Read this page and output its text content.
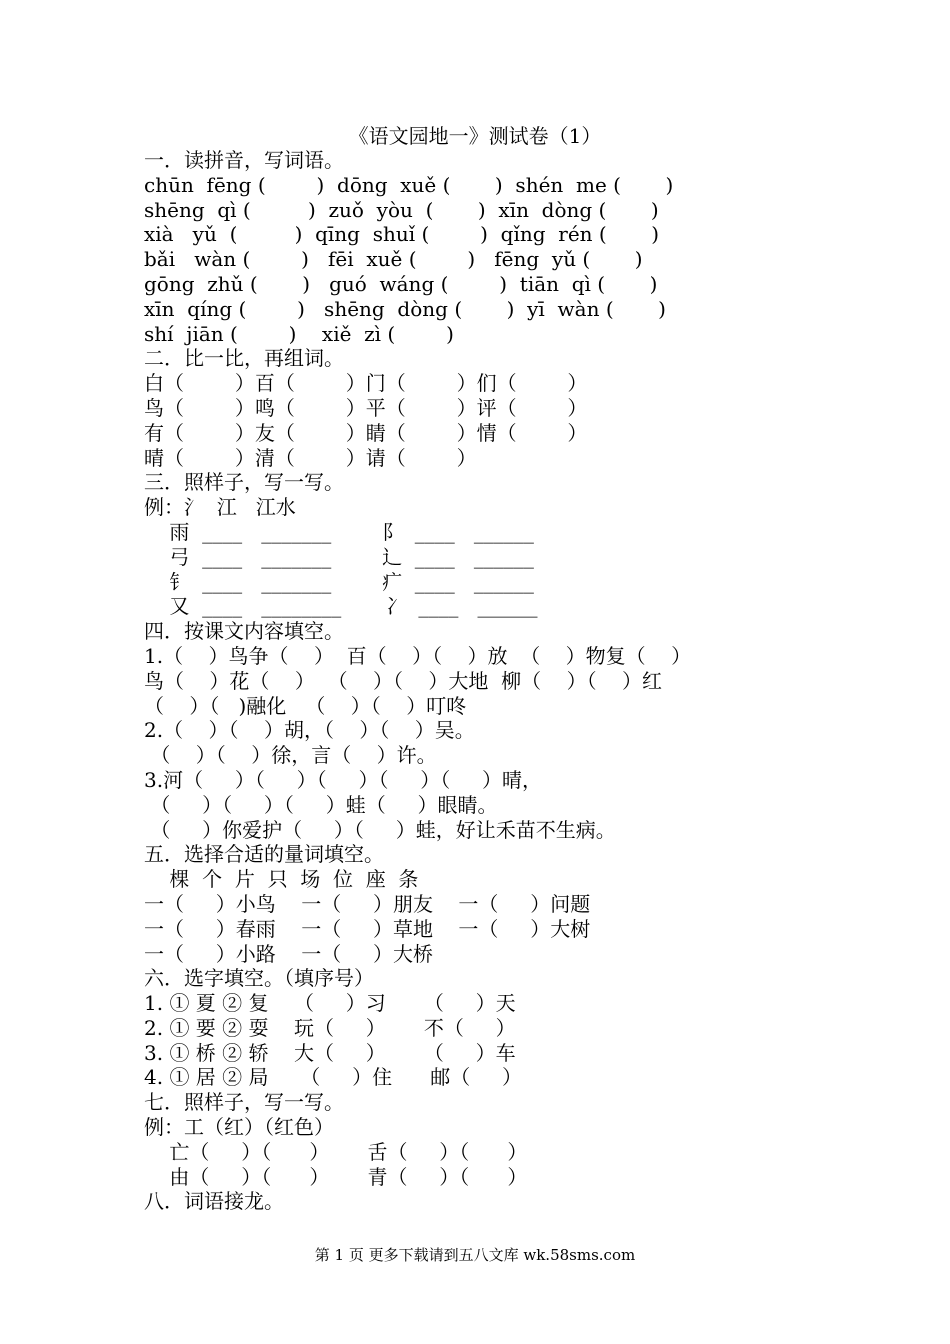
《语文园地一》测试卷（1）
一．读拼音，写词语。
chūn  fēng (        )  dōng  xuě (       )  shén  me (       )
shēng  qì (         )  zuǒ  yòu  (       )  xīn  dòng (       )
xià   yǔ  (         )  qīng  shuǐ (        )  qǐng  rén (       )
bǎi   wàn (        )   fēi  xuě (        )   fēng  yǔ (       )
gōng  zhǔ (       )   guó  wáng (        )  tiān  qì (       )
xīn  qíng (        )   shēng  dòng (       )  yī  wàn (       )
shí  jiān (        )    xiě  zì (        )
二．比一比，再组词。
白（        ）百（        ）门（        ）们（        ）
鸟（        ）鸣（        ）平（        ）评（        ）
有（        ）友（        ）睛（        ）情（        ）
晴（        ）清（        ）请（        ）
三．照样子，写一写。
例：氵  江   江水
雨  ____   _______        阝  ____   ______
弓  ____   _______        辶  ____   ______
钅  ____   _______        疒  ____   ______
又  ____   ________       冫  ____   ______
四．按课文内容填空。
1.（    ）鸟争（    ）  百（    ）（    ）放  （    ）物复（    ）
鸟（    ）花（    ）  （    ）（    ）大地  柳（    ）（    ）红
（    ）（   )融化   （    ）（    ）叮咚
2.（    ）（    ）胡，（    ）（    ）吴。
（    ）（    ）徐，言（    ）许。
3.河（     ）（     ）（     ）（     ）（     ）晴，
（     ）（     ）（     ）蛙（     ）眼睛。
（     ）你爱护（     ）（     ）蛙，好让禾苗不生病。
五．选择合适的量词填空。
棵  个  片  只  场  位  座  条
一（     ）小鸟    一（     ）朋友    一（     ）问题
一（     ）春雨    一（     ）草地    一（     ）大树
一（     ）小路    一（     ）大桥
六．选字填空。（填序号）
1. ① 夏 ② 复    （     ）习      （     ）天
2. ① 要 ② 耍    玩（     ）      不（     ）
3. ① 桥 ② 轿    大（     ）      （     ）车
4. ① 居 ② 局     （     ）住      邮（     ）
七．照样子，写一写。
例：工（红）（红色）
亡（     ）（      ）      舌（     ）（      ）
由（     ）（      ）      青（     ）（      ）
八．词语接龙。
第 1 页 更多下载请到五八文库 wk.58sms.com
